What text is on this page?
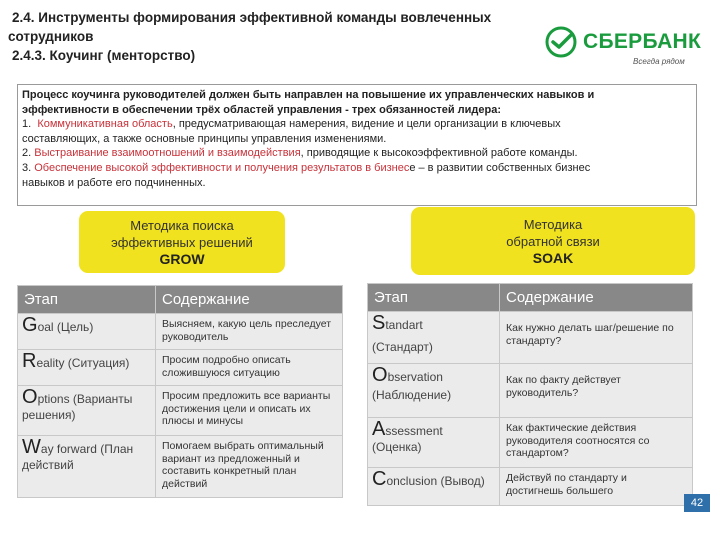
2.4. Инструменты формирования эффективной команды вовлеченных
сотрудников
2.4.3. Коучинг (менторство)
СБЕРБАНК
Всегда рядом
Процесс коучинга руководителей должен быть направлен на повышение их управленческих навыков и
эффективности в обеспечении трёх областей управления - трех обязанностей лидера:
1. Коммуникативная область, предусматривающая намерения, видение и цели организации в ключевых
составляющих, а также основные принципы управления изменениями.
2. Выстраивание взаимоотношений и взаимодействия, приводящие к высокоэффективной работе команды.
3. Обеспечение высокой эффективности и получения результатов в бизнесе – в развитии собственных бизнес
навыков и работе его подчиненных.
Методика поиска
эффективных решений
GROW
Методика
обратной связи
SOAK
Этап	Содержание
Goal (Цель)	Выясняем, какую цель преследует руководитель
Reality (Ситуация)	Просим подробно описать сложившуюся ситуацию
Options (Варианты
решения)	Просим предложить все варианты достижения цели и описать их плюсы и минусы
Way forward (План
действий	Помогаем выбрать оптимальный вариант из предложенный и составить конкретный план действий
Этап	Содержание
Standart
(Стандарт)	Как нужно делать шаг/решение по стандарту?
Observation
(Наблюдение)	Как по факту действует руководитель?
Assessment
(Оценка)	Как фактические действия руководителя соотносятся со стандартом?
Conclusion (Вывод)	Действуй по стандарту и достигнешь большего
42
